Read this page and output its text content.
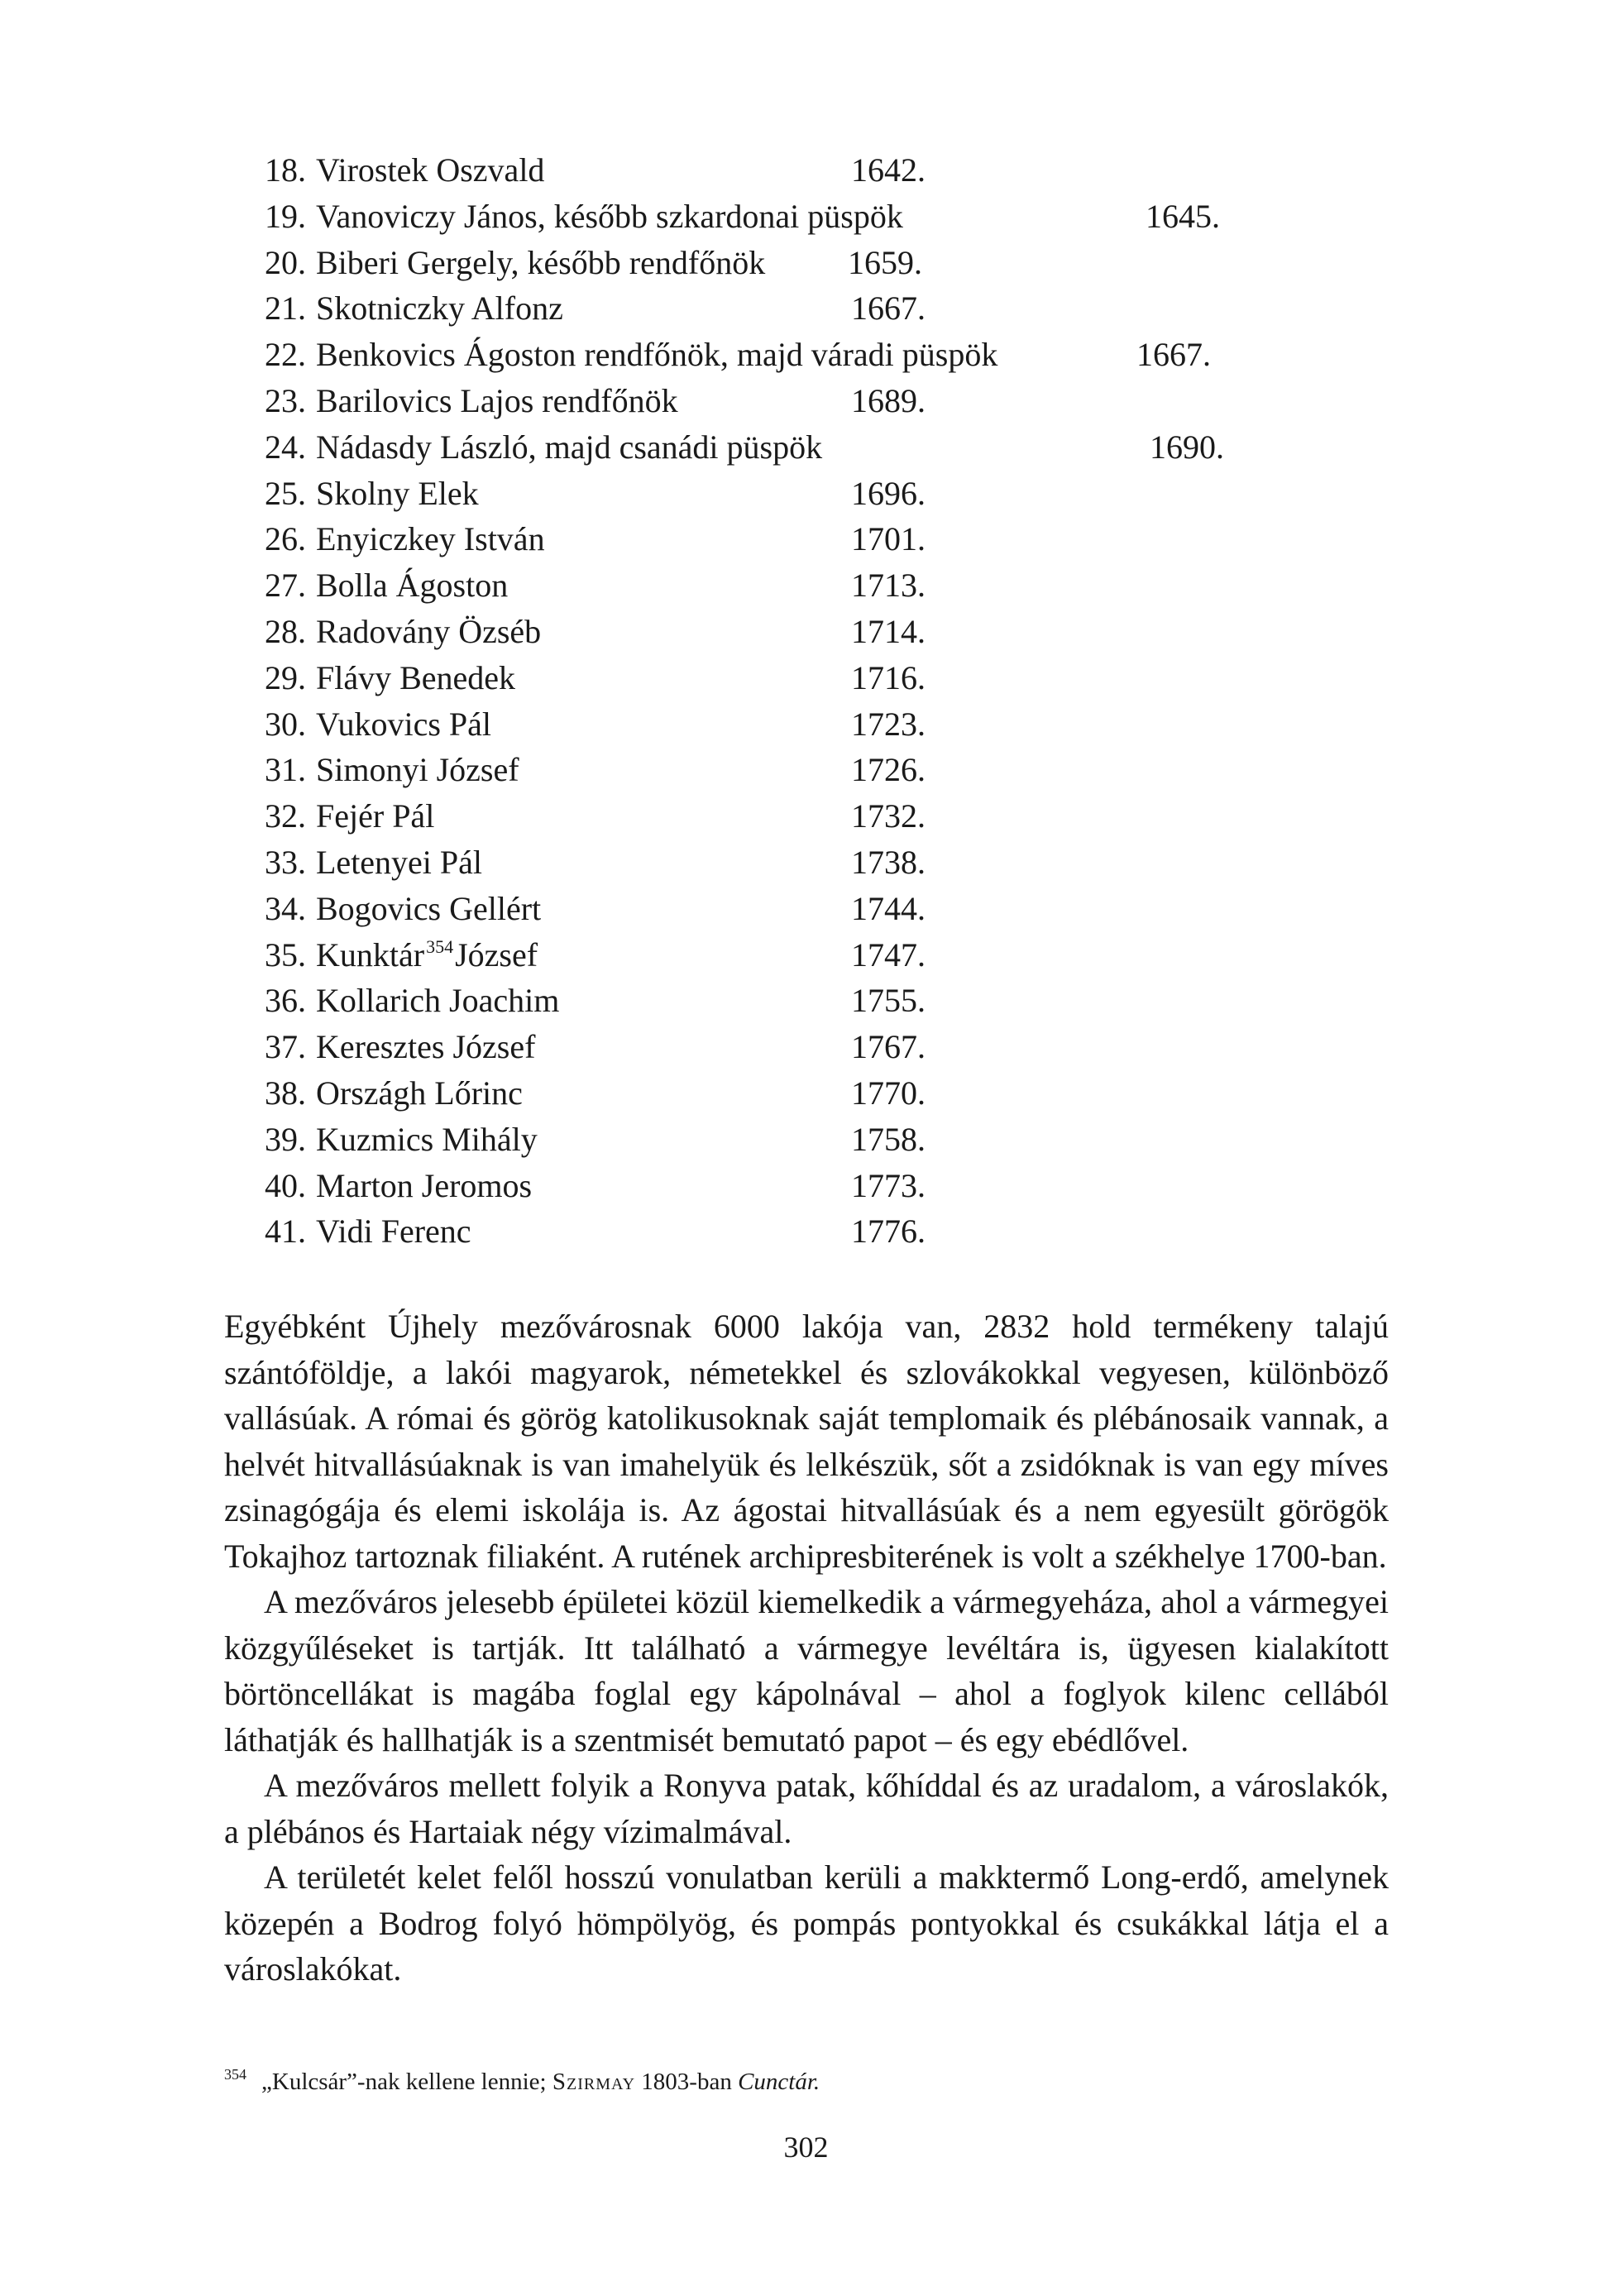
18. Virostek Oszvald	1642.
19. Vanoviczy János, később szkardonai püspök	1645.
20. Biberi Gergely, később rendfőnök 1659.
21. Skotniczky Alfonz	1667.
22. Benkovics Ágoston rendfőnök, majd váradi püspök	1667.
23. Barilovics Lajos rendfőnök	1689.
24. Nádasdy László, majd csanádi püspök	1690.
25. Skolny Elek	1696.
26. Enyiczkey István	1701.
27. Bolla Ágoston	1713.
28. Radovány Özséb	1714.
29. Flávy Benedek	1716.
30. Vukovics Pál	1723.
31. Simonyi József	1726.
32. Fejér Pál	1732.
33. Letenyei Pál	1738.
34. Bogovics Gellért	1744.
35. Kunktár$^{354}$József	1747.
36. Kollarich Joachim	1755.
37. Keresztes József	1767.
38. Országh Lőrinc	1770.
39. Kuzmics Mihály	1758.
40. Marton Jeromos	1773.
41. Vidi Ferenc	1776.

Egyébként Újhely mezővárosnak 6000 lakója van, 2832 hold termékeny talajú szántóföldje, a lakói magyarok, németekkel és szlovákokkal vegyesen, különböző vallásúak. A római és görög katolikusoknak saját templomaik és plébánosaik vannak, a helvét hitvallásúaknak is van imahelyük és lelkészük, sőt a zsidóknak is van egy míves zsinagógája és elemi iskolája is. Az ágostai hitvallásúak és a nem egyesült görögök Tokajhoz tartoznak filiaként. A rutének archipresbiterének is volt a székhelye 1700-ban.

A mezőváros jelesebb épületei közül kiemelkedik a vármegyeháza, ahol a vármegyei közgyűléseket is tartják. Itt található a vármegye levéltára is, ügyesen kialakított börtöncellákat is magába foglal egy kápolnával – ahol a foglyok kilenc cellából láthatják és hallhatják is a szentmisét bemutató papot – és egy ebédlővel.

A mezőváros mellett folyik a Ronyva patak, kőhíddal és az uradalom, a városlakók, a plébános és Hartaiak négy vízimalmával.

A területét kelet felől hosszú vonulatban kerüli a makktermő Long-erdő, amelynek közepén a Bodrog folyó hömpölyög, és pompás pontyokkal és csukákkal látja el a városlakókat.

$^{354}$ „Kulcsár”-nak kellene lennie; Szirmay 1803-ban Cunctár.
302
